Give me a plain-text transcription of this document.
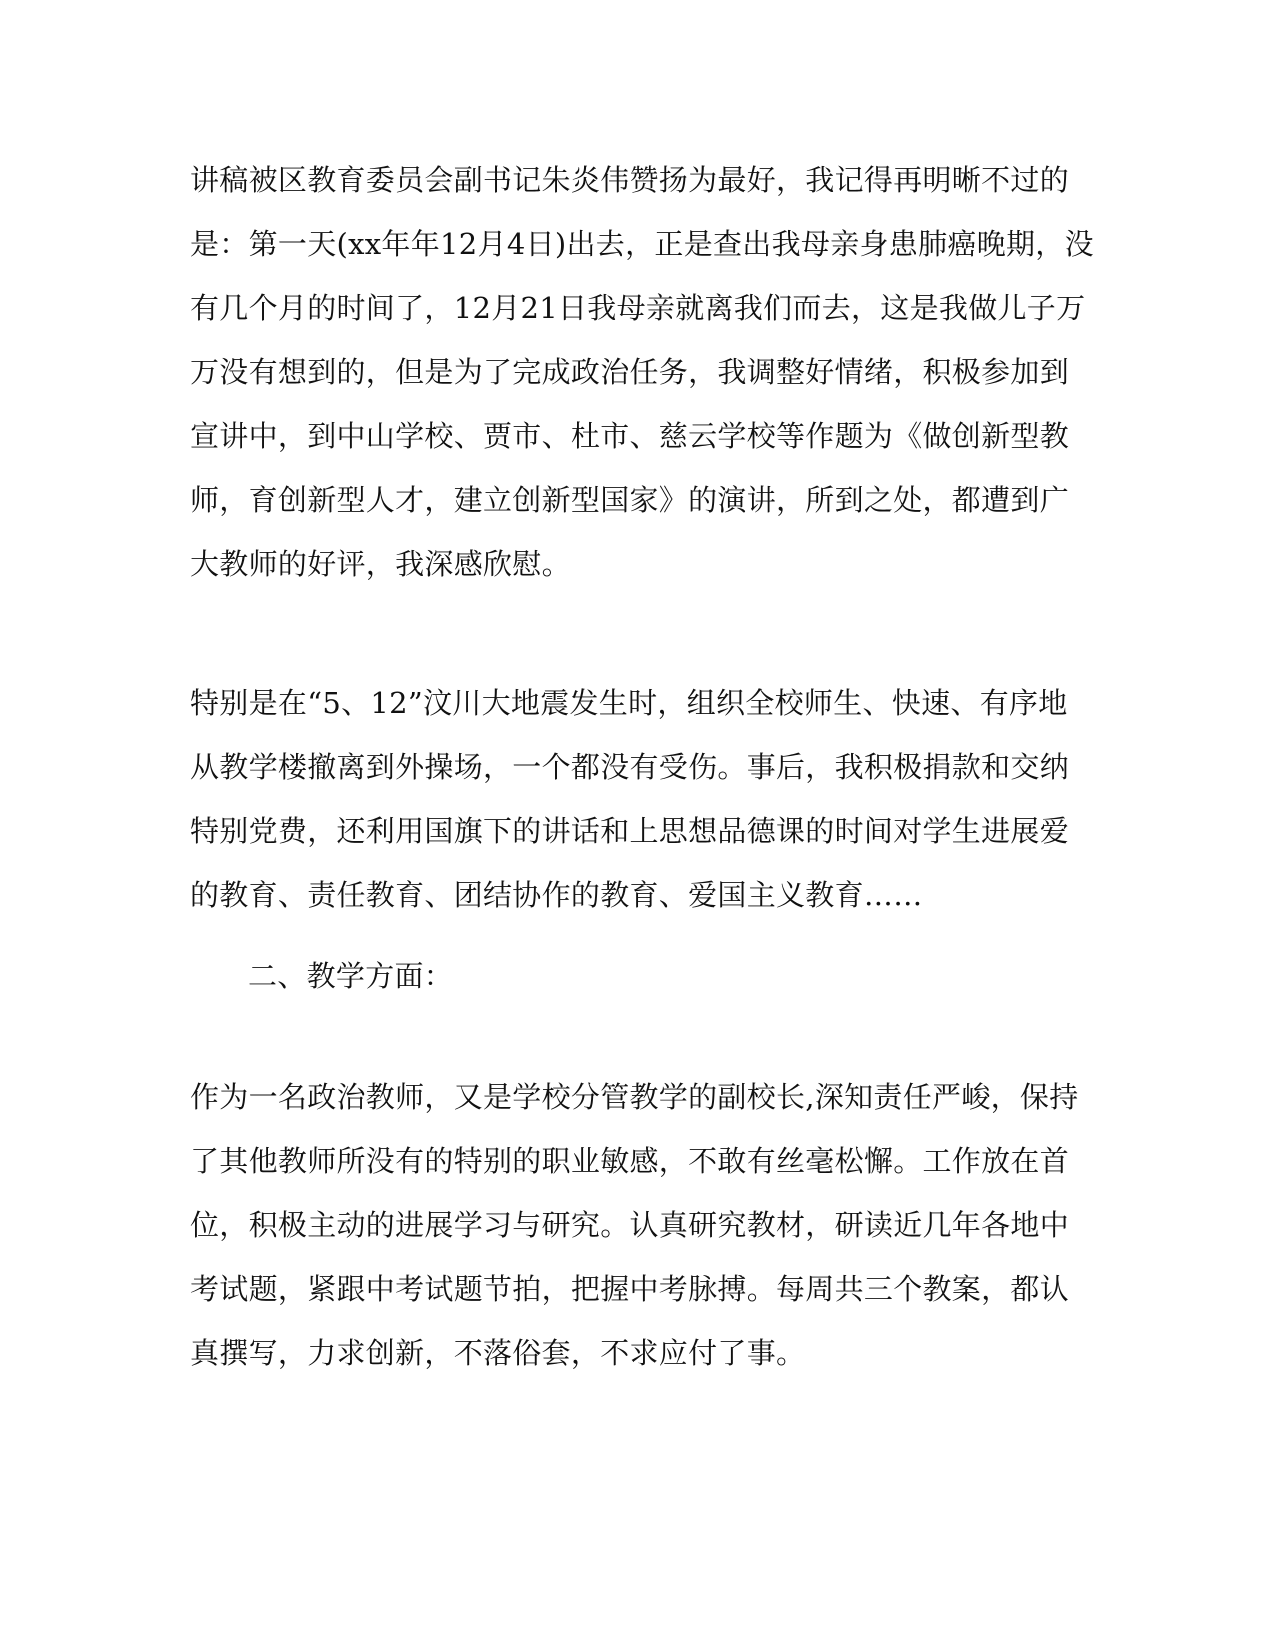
讲稿被区教育委员会副书记朱炎伟赞扬为最好，我记得再明晰不过的
是：第一天(xx年年12月4日)出去，正是查出我母亲身患肺癌晚期，没
有几个月的时间了，12月21日我母亲就离我们而去，这是我做儿子万
万没有想到的，但是为了完成政治任务，我调整好情绪，积极参加到
宣讲中，到中山学校、贾市、杜市、慈云学校等作题为《做创新型教
师，育创新型人才，建立创新型国家》的演讲，所到之处，都遭到广
大教师的好评，我深感欣慰。
特别是在“5、12”汶川大地震发生时，组织全校师生、快速、有序地
从教学楼撤离到外操场，一个都没有受伤。事后，我积极捐款和交纳
特别党费，还利用国旗下的讲话和上思想品德课的时间对学生进展爱
的教育、责任教育、团结协作的教育、爱国主义教育……
二、教学方面：
作为一名政治教师，又是学校分管教学的副校长,深知责任严峻，保持
了其他教师所没有的特别的职业敏感，不敢有丝毫松懈。工作放在首
位，积极主动的进展学习与研究。认真研究教材，研读近几年各地中
考试题，紧跟中考试题节拍，把握中考脉搏。每周共三个教案，都认
真撰写，力求创新，不落俗套，不求应付了事。
